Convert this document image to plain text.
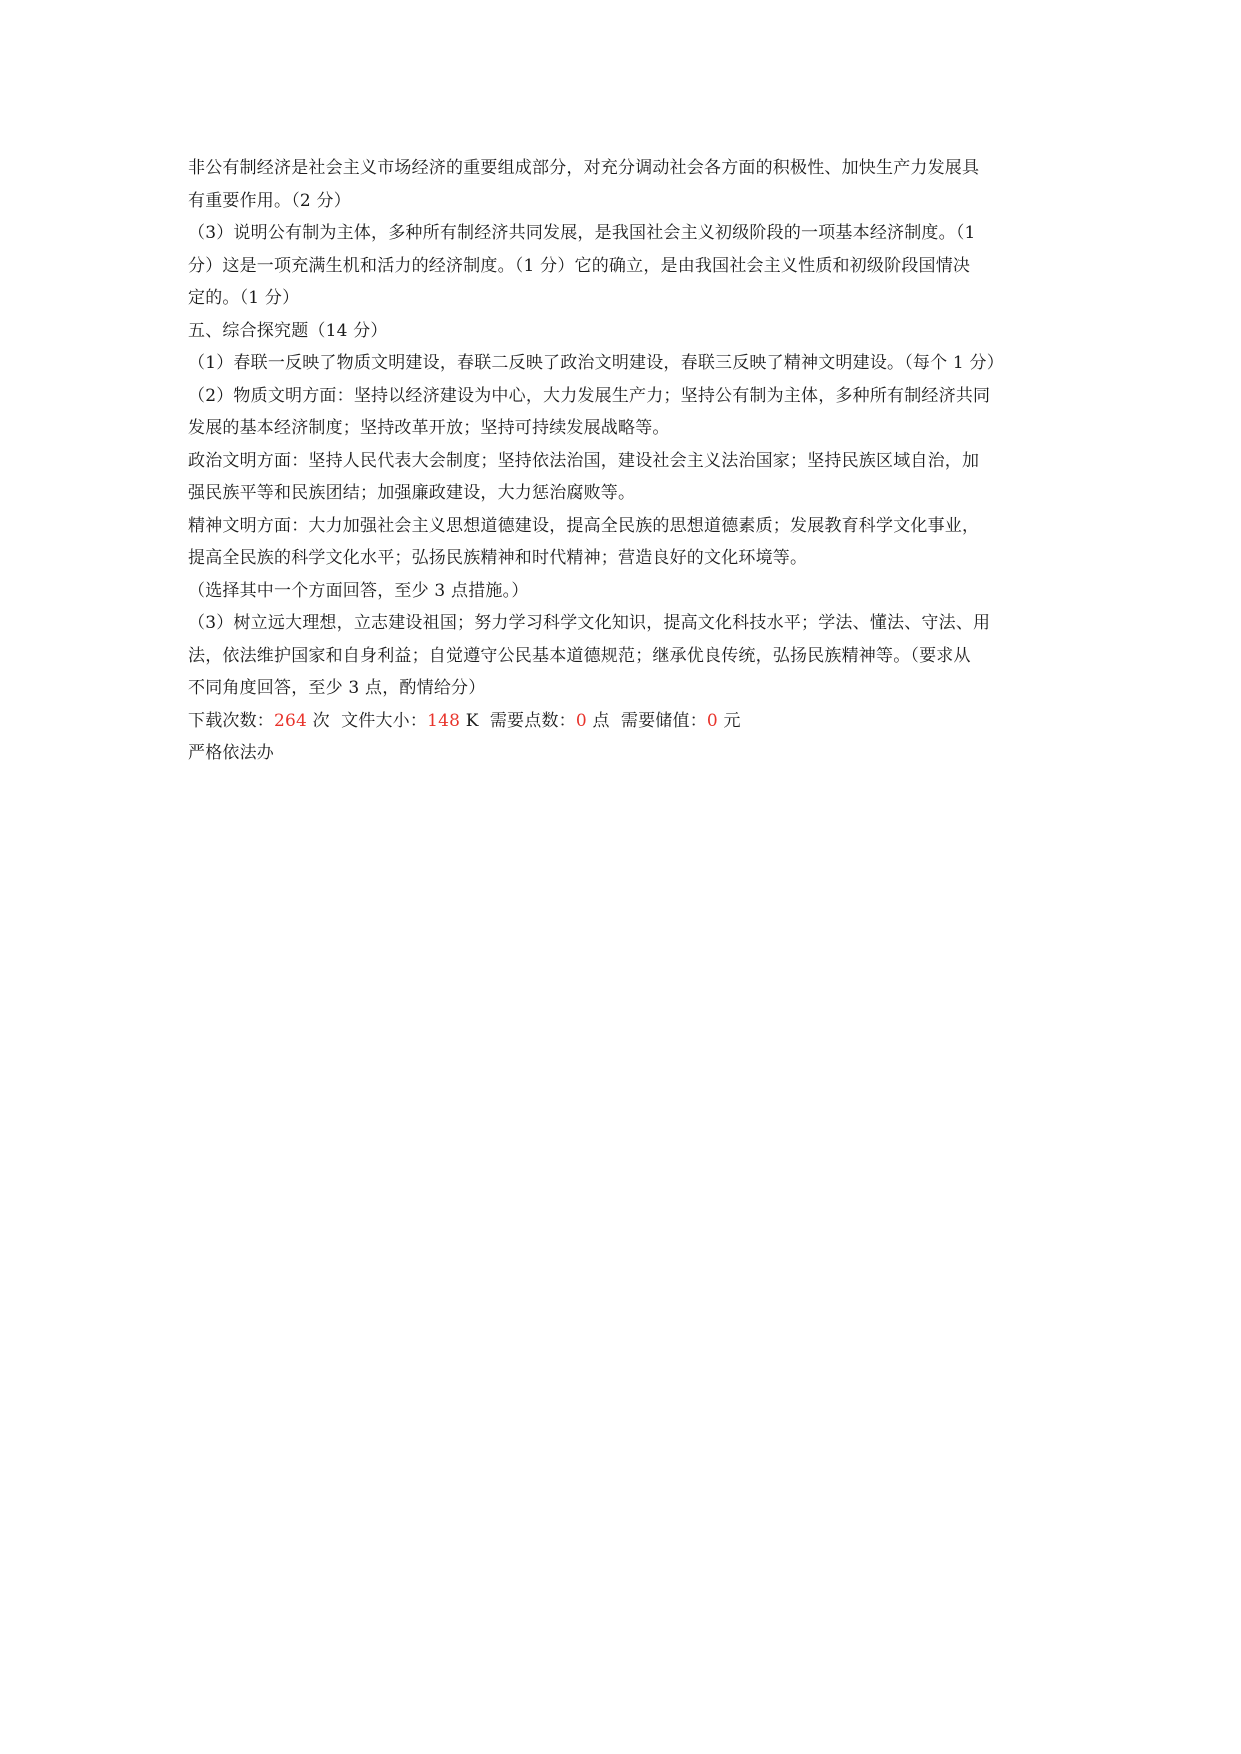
非公有制经济是社会主义市场经济的重要组成部分，对充分调动社会各方面的积极性、加快生产力发展具
有重要作用。（2 分）
（3）说明公有制为主体，多种所有制经济共同发展，是我国社会主义初级阶段的一项基本经济制度。（1
分）这是一项充满生机和活力的经济制度。（1 分）它的确立，是由我国社会主义性质和初级阶段国情决
定的。（1 分）
五、综合探究题（14 分）
（1）春联一反映了物质文明建设，春联二反映了政治文明建设，春联三反映了精神文明建设。（每个 1 分）
（2）物质文明方面：坚持以经济建设为中心，大力发展生产力；坚持公有制为主体，多种所有制经济共同
发展的基本经济制度；坚持改革开放；坚持可持续发展战略等。
政治文明方面：坚持人民代表大会制度；坚持依法治国，建设社会主义法治国家；坚持民族区域自治，加
强民族平等和民族团结；加强廉政建设，大力惩治腐败等。
精神文明方面：大力加强社会主义思想道德建设，提高全民族的思想道德素质；发展教育科学文化事业，
提高全民族的科学文化水平；弘扬民族精神和时代精神；营造良好的文化环境等。
（选择其中一个方面回答，至少 3 点措施。）
（3）树立远大理想，立志建设祖国；努力学习科学文化知识，提高文化科技水平；学法、懂法、守法、用
法，依法维护国家和自身利益；自觉遵守公民基本道德规范；继承优良传统，弘扬民族精神等。（要求从
不同角度回答，至少 3 点，酌情给分）
下载次数：264 次  文件大小：148 K  需要点数：0 点  需要储值：0 元
严格依法办
